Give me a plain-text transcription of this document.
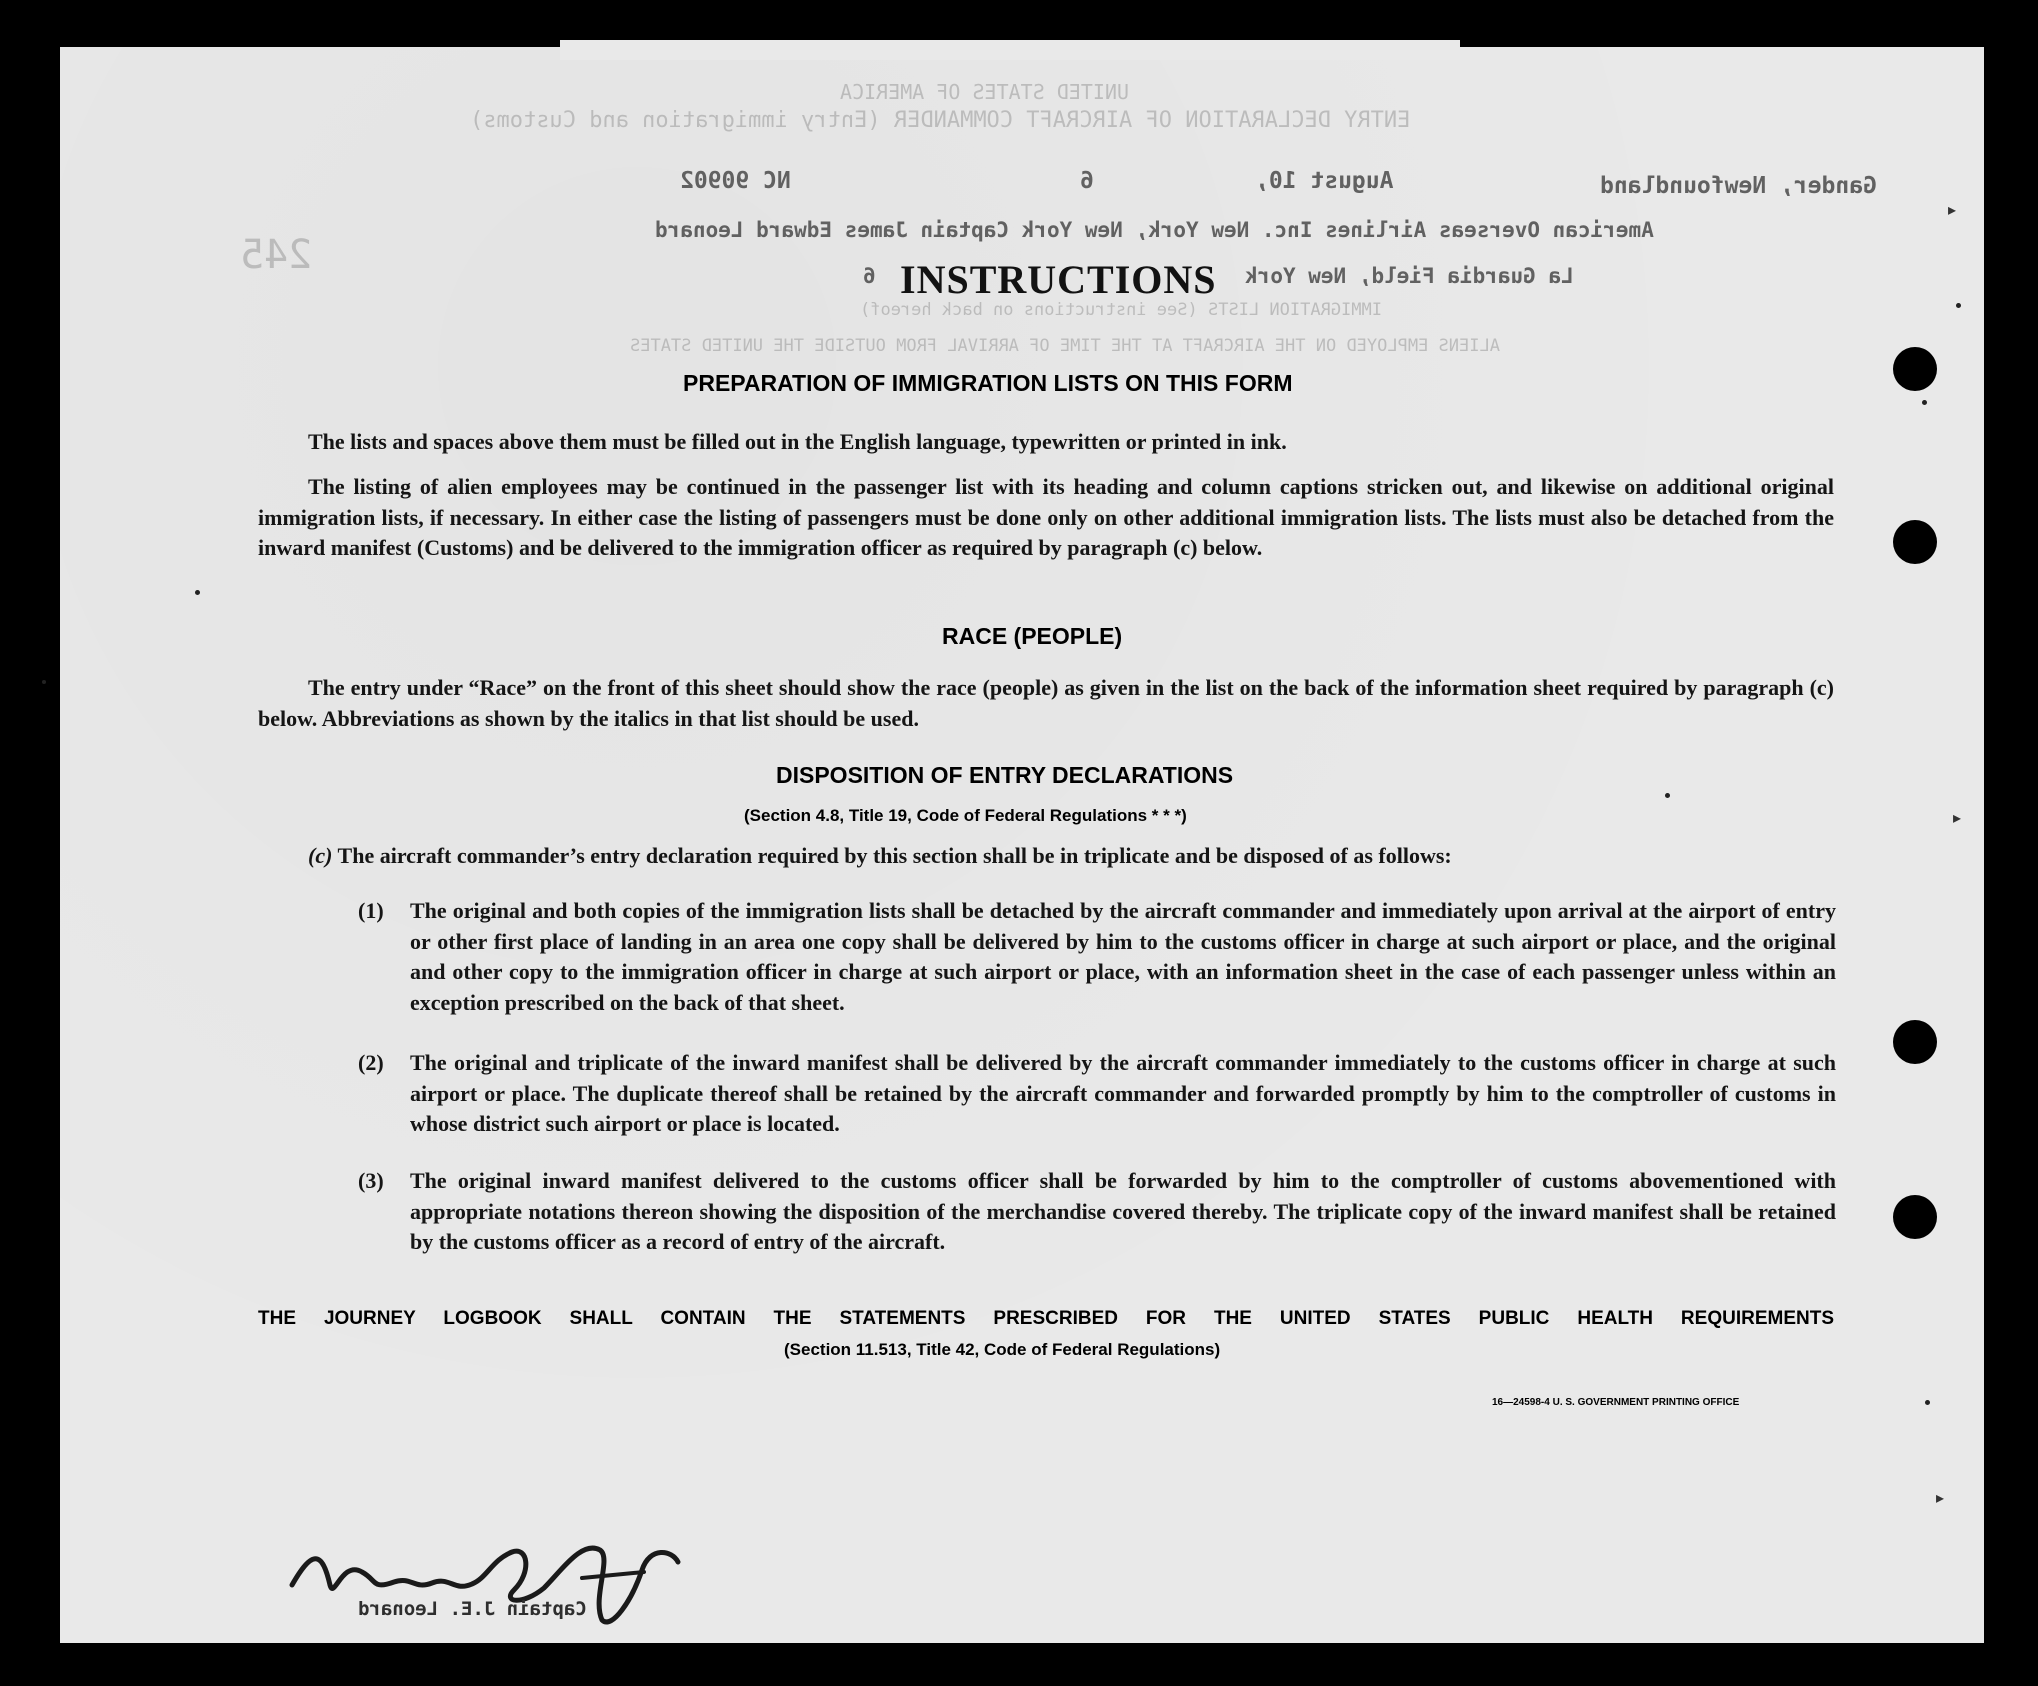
UNITED STATES OF AMERICA
ENTRY DECLARATION OF AIRCRAFT COMMANDER (Entry immigration and Customs)
IMMIGRATION LISTS (See instructions on back hereof)
ALIENS EMPLOYED ON THE AIRCRAFT AT THE TIME OF ARRIVAL FROM OUTSIDE THE UNITED STATES
245
Gander, Newfoundland
August 10,
6
NC 90902
American Overseas Airlines Inc. New York, New York Captain James Edward Leonard
La Guardia Field, New York
6 INSTRUCTIONS
PREPARATION OF IMMIGRATION LISTS ON THIS FORM
The lists and spaces above them must be filled out in the English language, typewritten or printed in ink.
The listing of alien employees may be continued in the passenger list with its heading and column captions stricken out, and likewise on additional original immigration lists, if necessary. In either case the listing of passengers must be done only on other additional immigration lists. The lists must also be detached from the inward manifest (Customs) and be delivered to the immigration officer as required by paragraph (c) below.
RACE (PEOPLE)
The entry under “Race” on the front of this sheet should show the race (people) as given in the list on the back of the information sheet required by paragraph (c) below. Abbreviations as shown by the italics in that list should be used.
DISPOSITION OF ENTRY DECLARATIONS
(Section 4.8, Title 19, Code of Federal Regulations * * *)
(c) The aircraft commander’s entry declaration required by this section shall be in triplicate and be disposed of as follows:
(1) The original and both copies of the immigration lists shall be detached by the aircraft commander and immediately upon arrival at the airport of entry or other first place of landing in an area one copy shall be delivered by him to the customs officer in charge at such airport or place, and the original and other copy to the immigration officer in charge at such airport or place, with an information sheet in the case of each passenger unless within an exception prescribed on the back of that sheet.
(2) The original and triplicate of the inward manifest shall be delivered by the aircraft commander immediately to the customs officer in charge at such airport or place. The duplicate thereof shall be retained by the aircraft commander and forwarded promptly by him to the comptroller of customs in whose district such airport or place is located.
(3) The original inward manifest delivered to the customs officer shall be forwarded by him to the comptroller of customs abovementioned with appropriate notations thereon showing the disposition of the merchandise covered thereby. The triplicate copy of the inward manifest shall be retained by the customs officer as a record of entry of the aircraft.
THE JOURNEY LOGBOOK SHALL CONTAIN THE STATEMENTS PRESCRIBED FOR THE UNITED STATES PUBLIC HEALTH REQUIREMENTS
(Section 11.513, Title 42, Code of Federal Regulations)
16—24598-4 U. S. GOVERNMENT PRINTING OFFICE
▸
▸
▸
Captain J.E. Leonard
